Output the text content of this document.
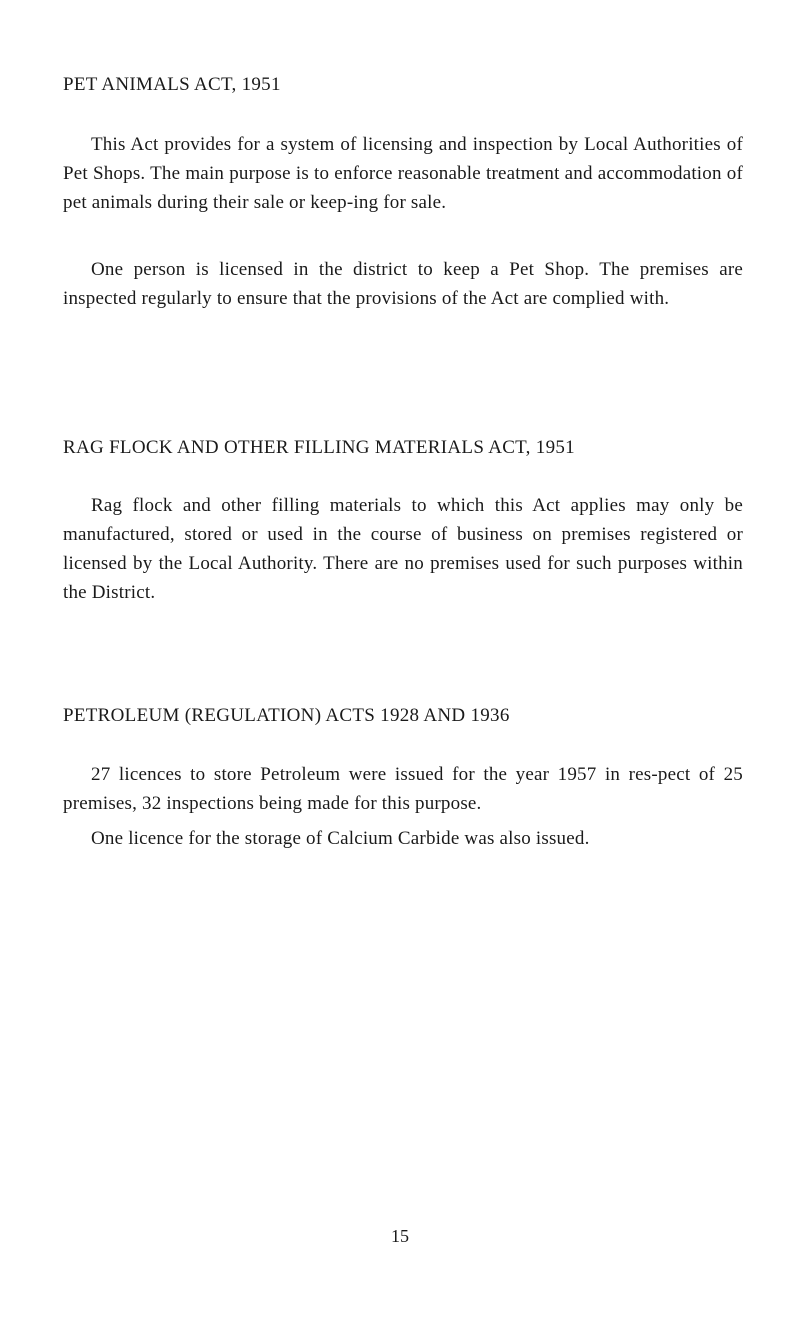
PET ANIMALS ACT, 1951

This Act provides for a system of licensing and inspection by Local Authorities of Pet Shops. The main purpose is to enforce reasonable treatment and accommodation of pet animals during their sale or keep-ing for sale.

One person is licensed in the district to keep a Pet Shop. The premises are inspected regularly to ensure that the provisions of the Act are complied with.

RAG FLOCK AND OTHER FILLING MATERIALS ACT, 1951

Rag flock and other filling materials to which this Act applies may only be manufactured, stored or used in the course of business on premises registered or licensed by the Local Authority. There are no premises used for such purposes within the District.

PETROLEUM (REGULATION) ACTS 1928 AND 1936

27 licences to store Petroleum were issued for the year 1957 in res-pect of 25 premises, 32 inspections being made for this purpose.

One licence for the storage of Calcium Carbide was also issued.

15
